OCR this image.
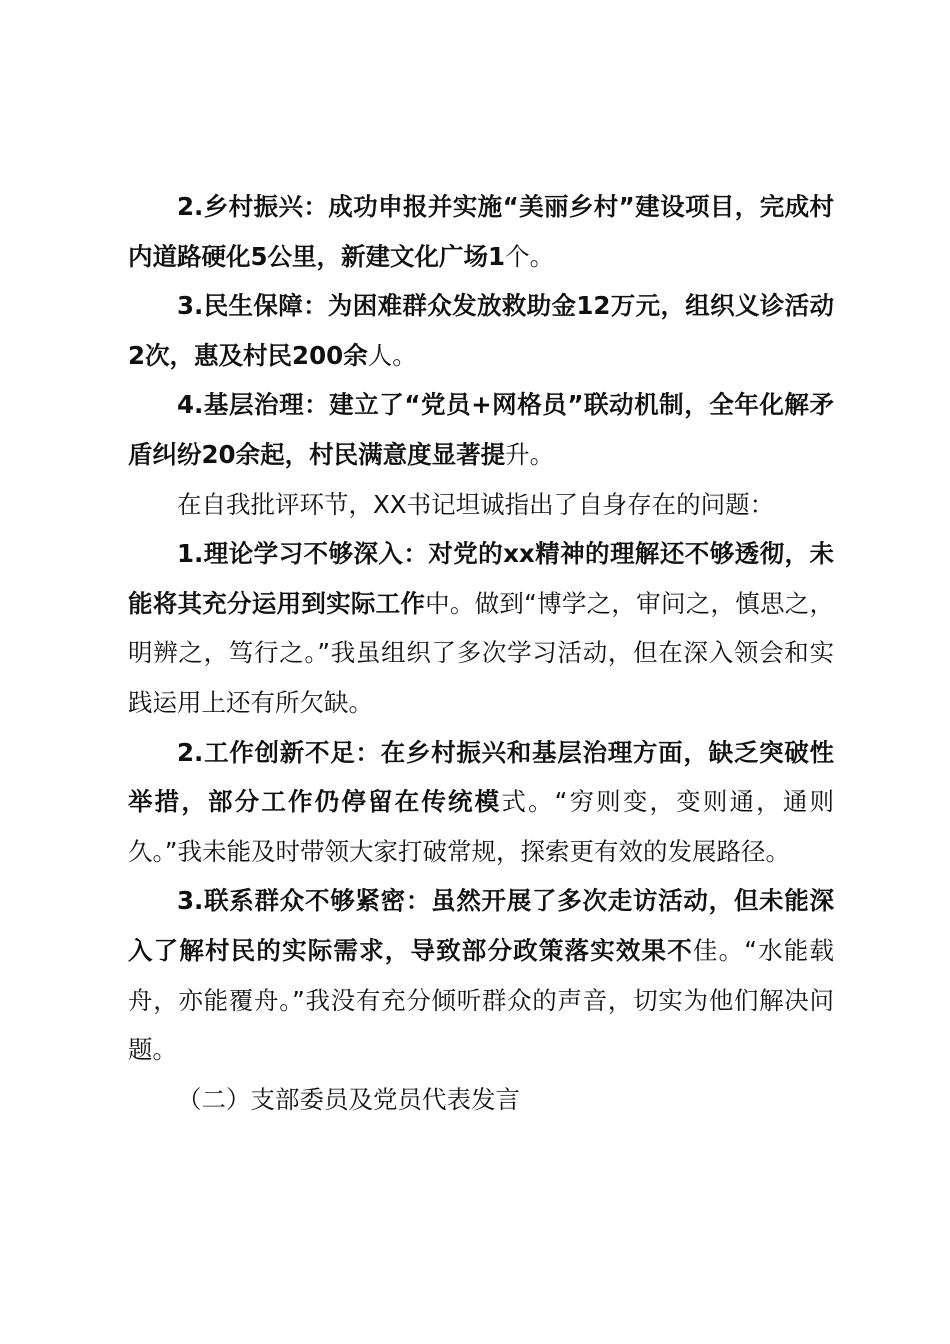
2.乡村振兴：成功申报并实施“美丽乡村”建设项目，完成村内道路硬化5公里，新建文化广场1个。

3.民生保障：为困难群众发放救助金12万元，组织义诊活动2次，惠及村民200余人。

4.基层治理：建立了“党员+网格员”联动机制，全年化解矛盾纠纷20余起，村民满意度显著提升。

在自我批评环节，XX书记坦诚指出了自身存在的问题：

1.理论学习不够深入：对党的xx精神的理解还不够透彻，未能将其充分运用到实际工作中。做到“博学之，审问之，慎思之，明辨之，笃行之。”我虽组织了多次学习活动，但在深入领会和实践运用上还有所欠缺。

2.工作创新不足：在乡村振兴和基层治理方面，缺乏突破性举措，部分工作仍停留在传统模式。“穷则变，变则通，通则久。”我未能及时带领大家打破常规，探索更有效的发展路径。

3.联系群众不够紧密：虽然开展了多次走访活动，但未能深入了解村民的实际需求，导致部分政策落实效果不佳。“水能载舟，亦能覆舟。”我没有充分倾听群众的声音，切实为他们解决问题。

（二）支部委员及党员代表发言
